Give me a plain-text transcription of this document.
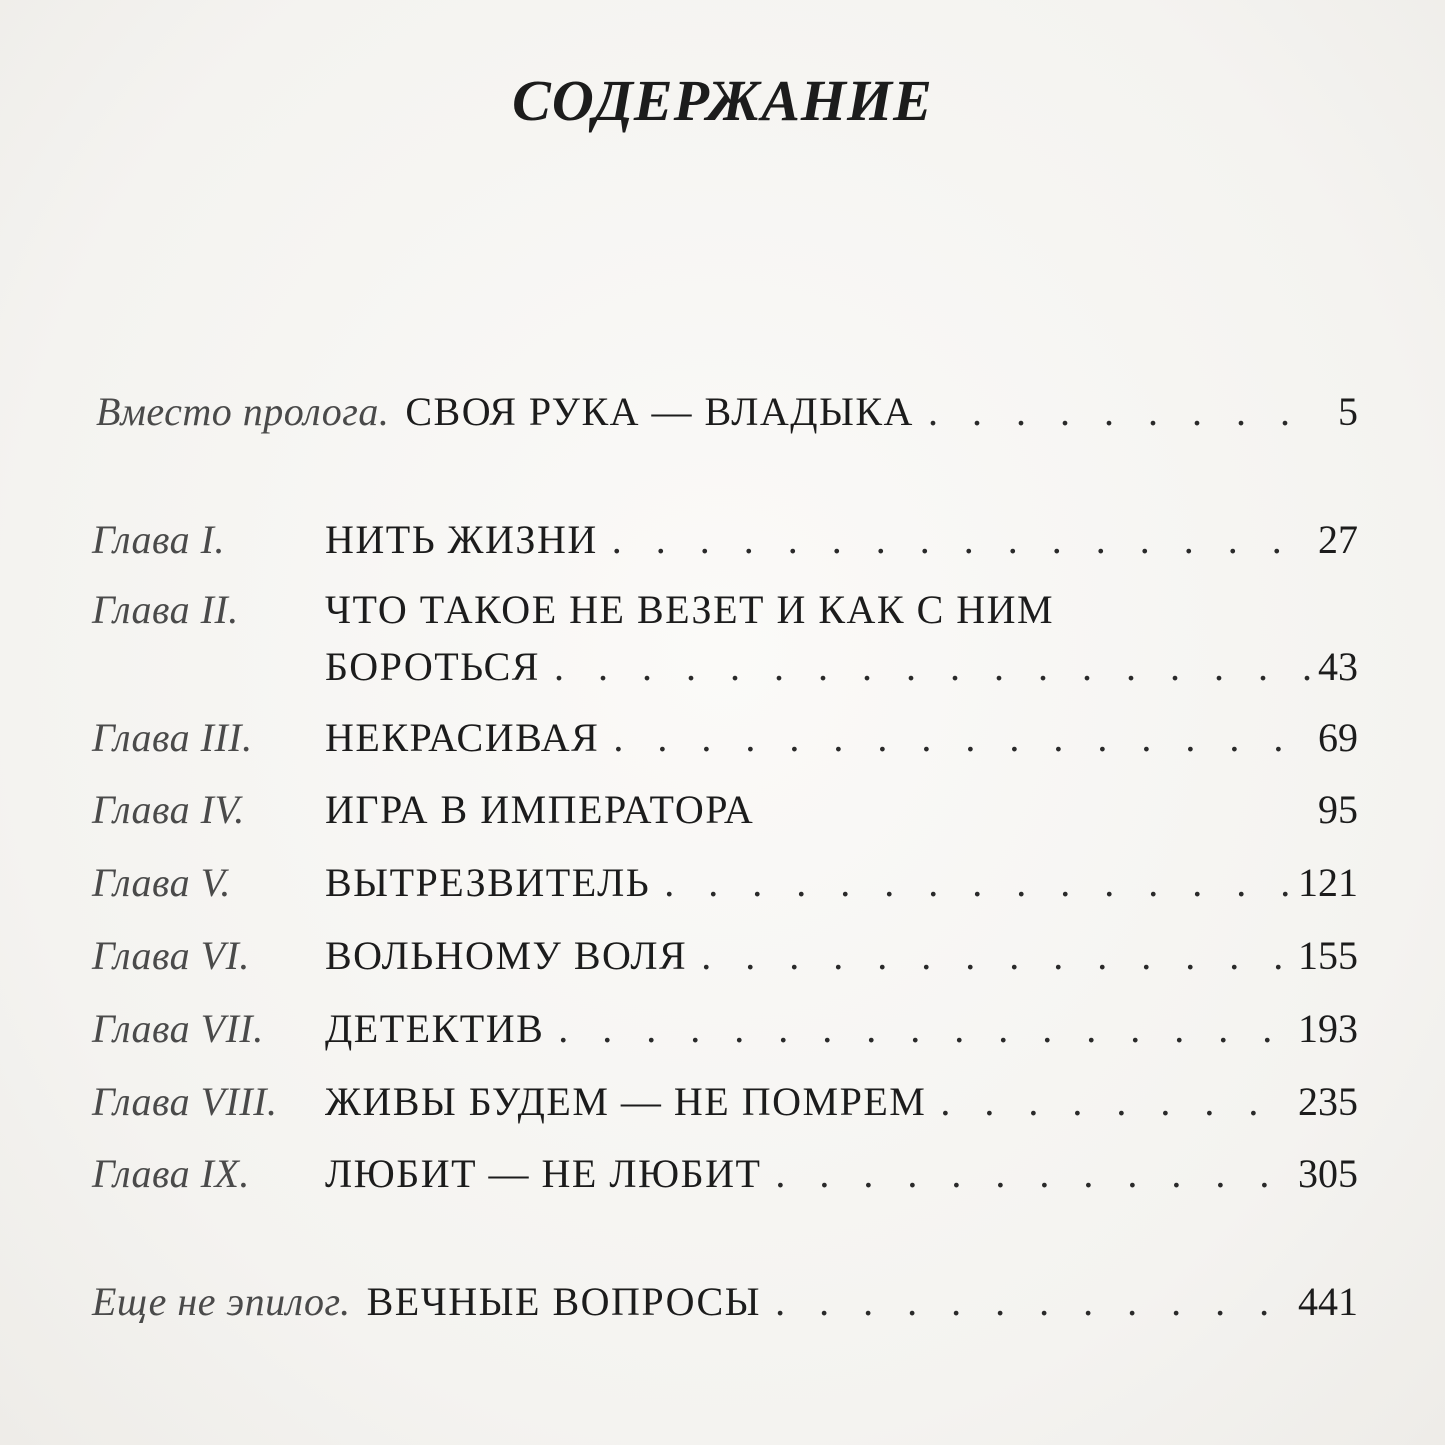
СОДЕРЖАНИЕ
Вместо пролога. СВОЯ РУКА — ВЛАДЫКА . . .	5
Глава I.	НИТЬ ЖИЗНИ . . .	27
Глава II.	ЧТО ТАКОЕ НЕ ВЕЗЕТ И КАК С НИМ
БОРОТЬСЯ . . .	43
Глава III.	НЕКРАСИВАЯ . . .	69
Глава IV.	ИГРА В ИМПЕРАТОРА	95
Глава V.	ВЫТРЕЗВИТЕЛЬ . . .	121
Глава VI.	ВОЛЬНОМУ ВОЛЯ . . .	155
Глава VII.	ДЕТЕКТИВ . . .	193
Глава VIII.	ЖИВЫ БУДЕМ — НЕ ПОМРЕМ . . .	235
Глава IX.	ЛЮБИТ — НЕ ЛЮБИТ . . .	305
Еще не эпилог. ВЕЧНЫЕ ВОПРОСЫ . . .	441
